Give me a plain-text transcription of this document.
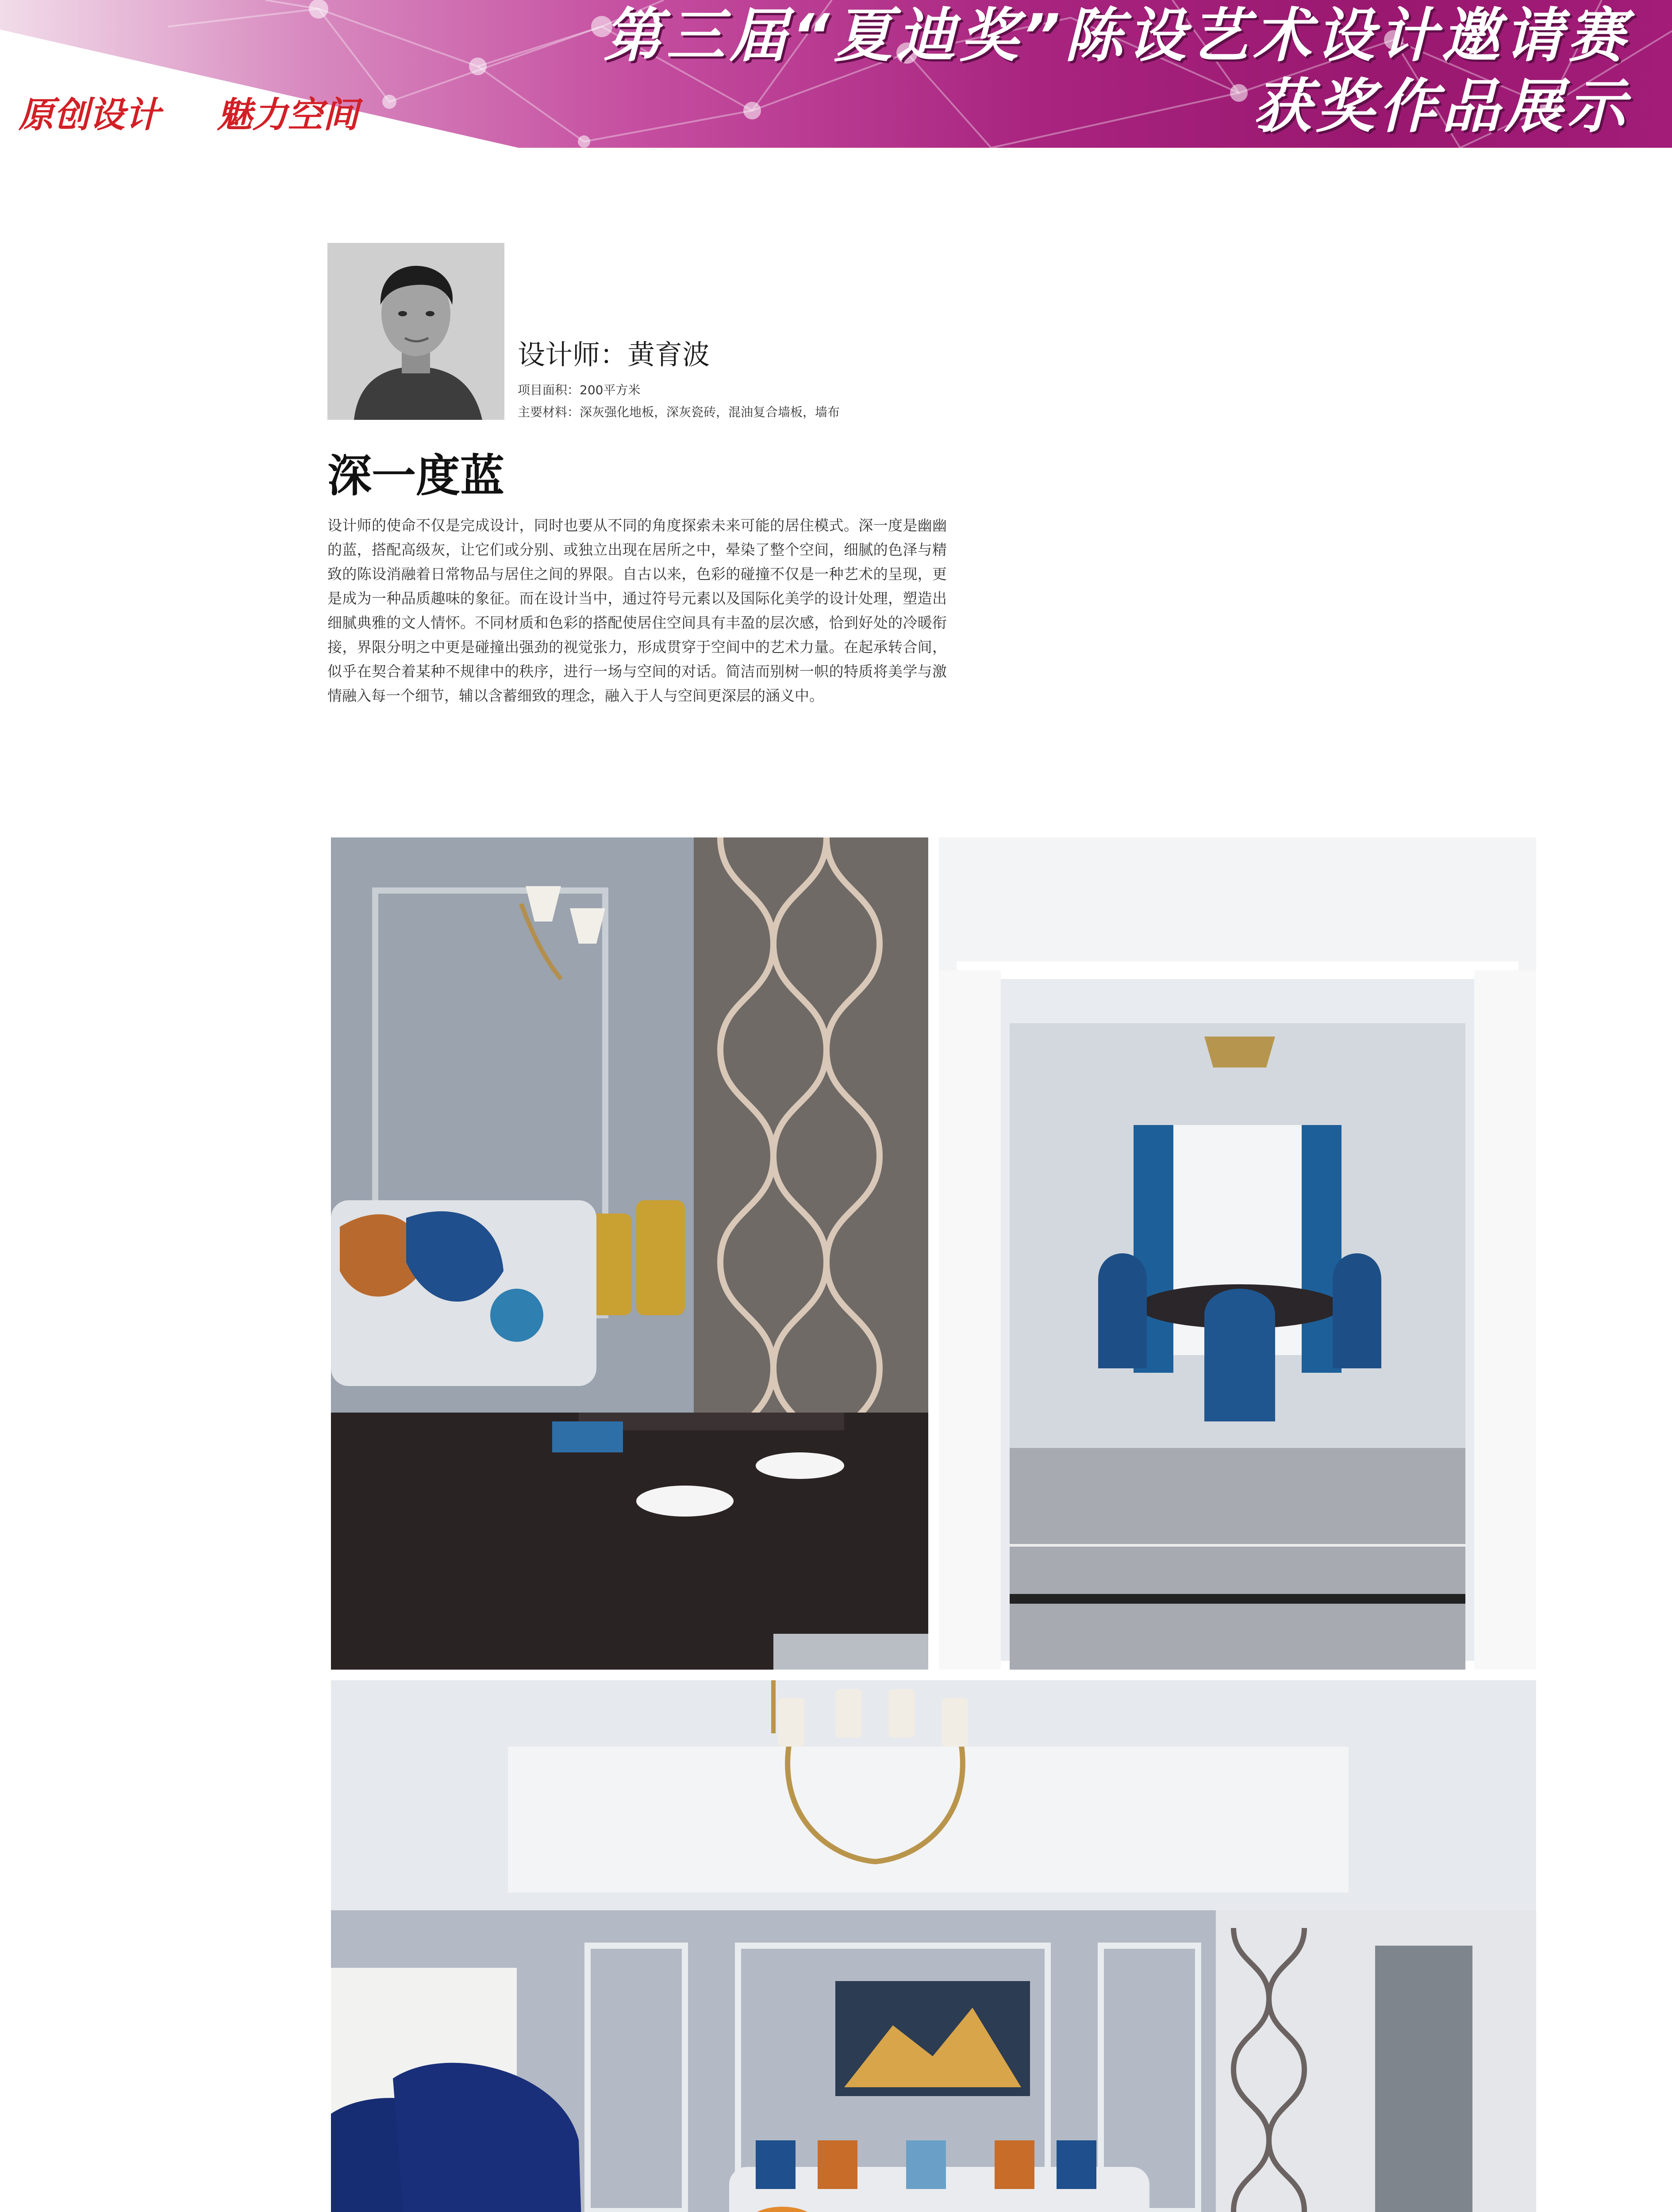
第三届“夏迪奖”陈设艺术设计邀请赛
获奖作品展示
原创设计 魅力空间
设计师：黄育波
项目面积：200平方米
主要材料：深灰强化地板，深灰瓷砖，混油复合墙板，墙布
深一度蓝

设计师的使命不仅是完成设计，同时也要从不同的角度探索未来可能的居住模式。深一度是幽幽的蓝，搭配高级灰，让它们或分别、或独立出现在居所之中，晕染了整个空间，细腻的色泽与精致的陈设消融着日常物品与居住之间的界限。自古以来，色彩的碰撞不仅是一种艺术的呈现，更是成为一种品质趣味的象征。而在设计当中，通过符号元素以及国际化美学的设计处理，塑造出细腻典雅的文人情怀。不同材质和色彩的搭配使居住空间具有丰盈的层次感，恰到好处的冷暖衔接，界限分明之中更是碰撞出强劲的视觉张力，形成贯穿于空间中的艺术力量。在起承转合间，似乎在契合着某种不规律中的秩序，进行一场与空间的对话。简洁而别树一帜的特质将美学与激情融入每一个细节，辅以含蓄细致的理念，融入于人与空间更深层的涵义中。
